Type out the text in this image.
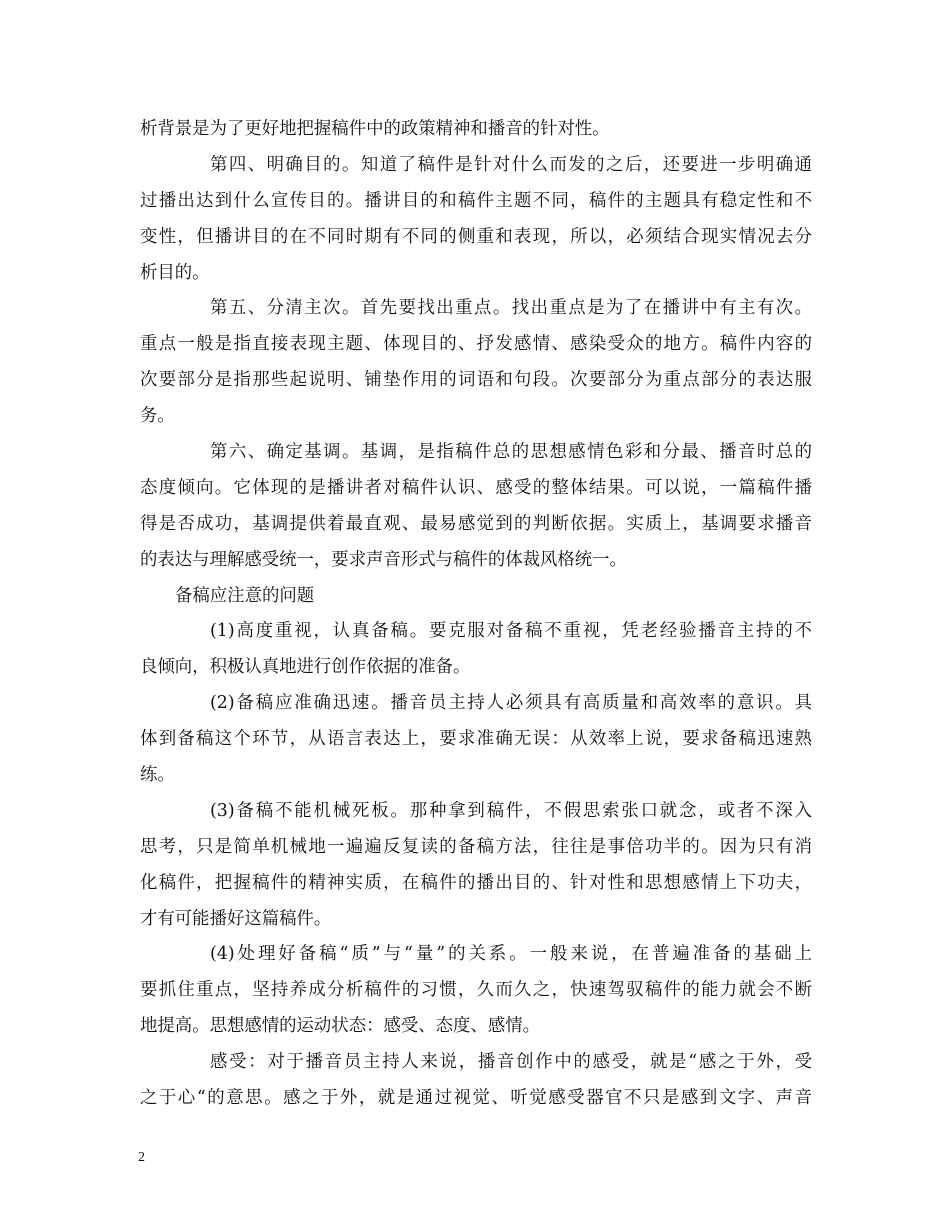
析背景是为了更好地把握稿件中的政策精神和播音的针对性。
第四、明确目的。知道了稿件是针对什么而发的之后，还要进一步明确通
过播出达到什么宣传目的。播讲目的和稿件主题不同，稿件的主题具有稳定性和不
变性，但播讲目的在不同时期有不同的侧重和表现，所以，必须结合现实情况去分
析目的。
第五、分清主次。首先要找出重点。找出重点是为了在播讲中有主有次。
重点一般是指直接表现主题、体现目的、抒发感情、感染受众的地方。稿件内容的
次要部分是指那些起说明、铺垫作用的词语和句段。次要部分为重点部分的表达服
务。
第六、确定基调。基调，是指稿件总的思想感情色彩和分最、播音时总的
态度倾向。它体现的是播讲者对稿件认识、感受的整体结果。可以说，一篇稿件播
得是否成功，基调提供着最直观、最易感觉到的判断依据。实质上，基调要求播音
的表达与理解感受统一，要求声音形式与稿件的体裁风格统一。
备稿应注意的问题
(1)高度重视，认真备稿。要克服对备稿不重视，凭老经验播音主持的不
良倾向，积极认真地进行创作依据的准备。
(2)备稿应准确迅速。播音员主持人必须具有高质量和高效率的意识。具
体到备稿这个环节，从语言表达上，要求准确无误：从效率上说，要求备稿迅速熟
练。
(3)备稿不能机械死板。那种拿到稿件，不假思索张口就念，或者不深入
思考，只是简单机械地一遍遍反复读的备稿方法，往往是事倍功半的。因为只有消
化稿件，把握稿件的精神实质，在稿件的播出目的、针对性和思想感情上下功夫，
才有可能播好这篇稿件。
(4)处理好备稿“质”与“量”的关系。一般来说，在普遍准备的基础上
要抓住重点，坚持养成分析稿件的习惯，久而久之，快速驾驭稿件的能力就会不断
地提高。思想感情的运动状态：感受、态度、感情。
感受：对于播音员主持人来说，播音创作中的感受，就是“感之于外，受
之于心“的意思。感之于外，就是通过视觉、听觉感受器官不只是感到文字、声音
2
